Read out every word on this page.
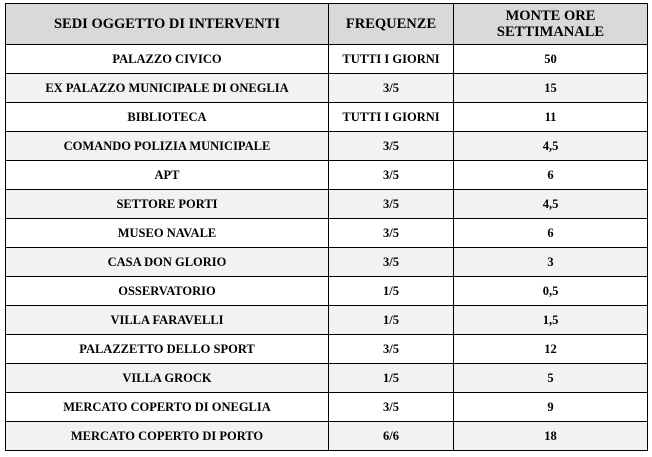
SEDI OGGETTO DI INTERVENTI	FREQUENZE	MONTE ORE
SETTIMANALE

PALAZZO CIVICO	TUTTI I GIORNI	50
EX PALAZZO MUNICIPALE DI ONEGLIA	3/5	15
BIBLIOTECA	TUTTI I GIORNI	11
COMANDO POLIZIA MUNICIPALE	3/5	4,5
APT	3/5	6
SETTORE PORTI	3/5	4,5
MUSEO NAVALE	3/5	6
CASA DON GLORIO	3/5	3
OSSERVATORIO	1/5	0,5
VILLA FARAVELLI	1/5	1,5
PALAZZETTO DELLO SPORT	3/5	12
VILLA GROCK	1/5	5
MERCATO COPERTO DI ONEGLIA	3/5	9
MERCATO COPERTO DI PORTO	6/6	18
